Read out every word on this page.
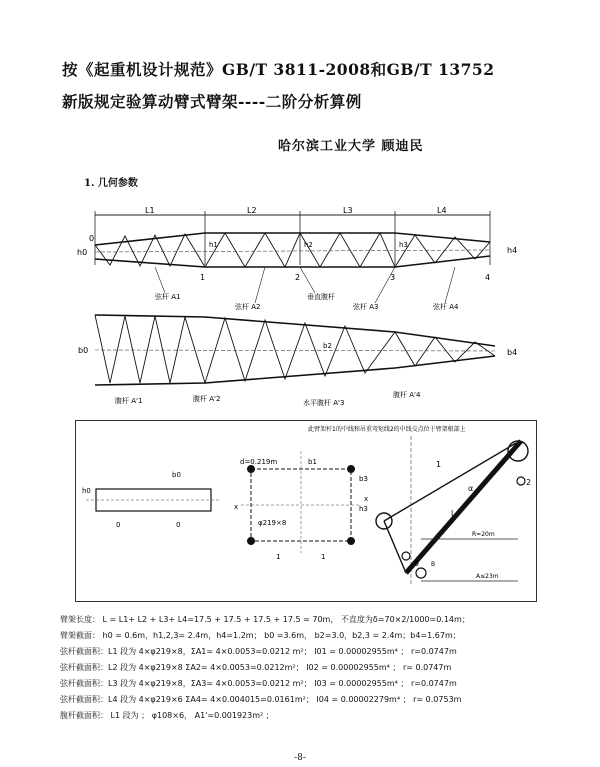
按《起重机设计规范》GB/T 3811-2008和GB/T 13752
新版规定验算动臂式臂架----二阶分析算例
哈尔滨工业大学 顾迪民
1. 几何参数
L1	L2	L3	L4
0
1	2	3	4
h0
h1	h2	h3
h4
b0	b2
b4
弦杆 A1
弦杆 A2
垂直腹杆
弦杆 A3	弦杆 A4
腹杆 A'1	腹杆 A'2	水平腹杆 A'3
腹杆 A'4
b0
h0
0	0
d=0.219m	b1
b3
h3
x
x
φ219×8
1	1
此臂架杆1的中线和吊重弯矩线2的中线交点位于臂架根部上
1
2
θ
α
l
R=20m
A≤23m
B
臂架长度： L = L1+ L2 + L3+ L4=17.5 + 17.5 + 17.5 + 17.5 = 70m， 不直度为δ=70×2/1000=0.14m；
臂架截面： h0 = 0.6m，h1,2,3= 2.4m，h4=1.2m； b0 =3.6m， b2=3.0，b2,3 = 2.4m；b4=1.67m；
弦杆截面积：L1 段为 4×φ219×8，ΣA1= 4×0.0053=0.0212 m²； I01 = 0.00002955m⁴ ； r=0.0747m
弦杆截面积：L2 段为 4×φ219×8 ΣA2= 4×0.0053=0.0212m²； I02 = 0.00002955m⁴ ； r= 0.0747m
弦杆截面积：L3 段为 4×φ219×8，ΣA3= 4×0.0053=0.0212 m²； I03 = 0.00002955m⁴ ； r=0.0747m
弦杆截面积：L4 段为 4×φ219×6 ΣA4= 4×0.004015=0.0161m²； I04 = 0.00002279m⁴ ； r= 0.0753m
腹杆截面积： L1 段为 ； φ108×6， A1'=0.001923m² ；
-8-
